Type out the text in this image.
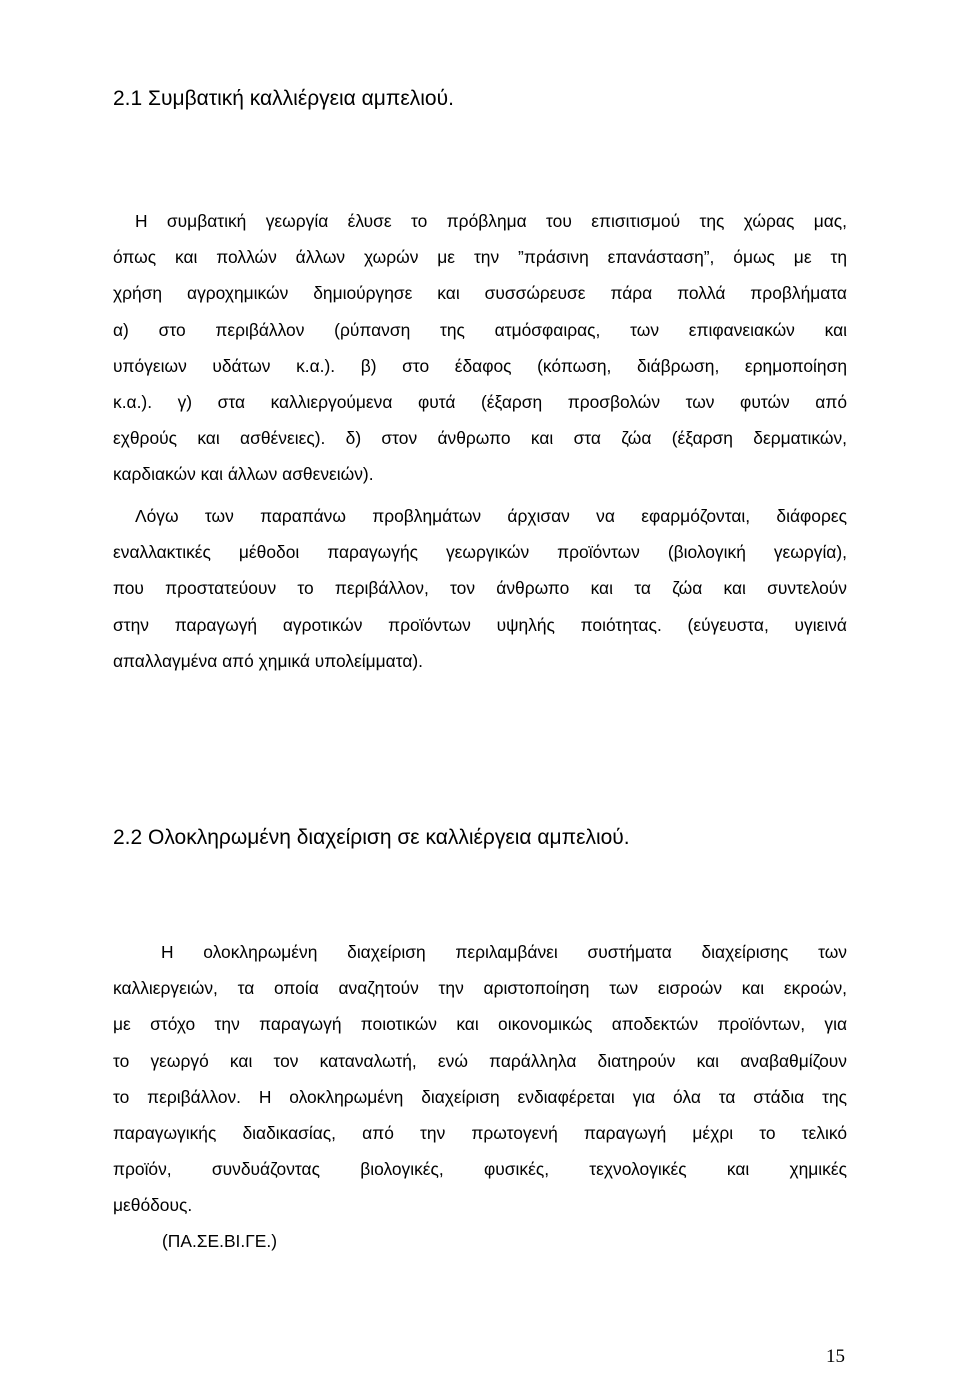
2.1 Συμβατική καλλιέργεια αμπελιού.
Η συμβατική γεωργία έλυσε το πρόβλημα του επισιτισμού της χώρας μας,
όπως και πολλών άλλων χωρών με την ”πράσινη επανάσταση”, όμως με τη
χρήση αγροχημικών δημιούργησε και συσσώρευσε πάρα πολλά προβλήματα
α) στο περιβάλλον (ρύπανση της ατμόσφαιρας, των επιφανειακών και
υπόγειων υδάτων κ.α.). β) στο έδαφος (κόπωση, διάβρωση, ερημοποίηση
κ.α.). γ) στα καλλιεργούμενα φυτά (έξαρση προσβολών των φυτών από
εχθρούς και ασθένειες). δ) στον άνθρωπο και στα ζώα (έξαρση δερματικών,
καρδιακών και άλλων ασθενειών).
Λόγω των παραπάνω προβλημάτων άρχισαν να εφαρμόζονται, διάφορες
εναλλακτικές μέθοδοι παραγωγής γεωργικών προϊόντων (βιολογική γεωργία),
που προστατεύουν το περιβάλλον, τον άνθρωπο και τα ζώα και συντελούν
στην παραγωγή αγροτικών προϊόντων υψηλής ποιότητας. (εύγευστα, υγιεινά
απαλλαγμένα από χημικά υπολείμματα).
2.2 Ολοκληρωμένη διαχείριση σε καλλιέργεια αμπελιού.
Η ολοκληρωμένη διαχείριση περιλαμβάνει συστήματα διαχείρισης των
καλλιεργειών, τα οποία αναζητούν την αριστοποίηση των εισροών και εκροών,
με στόχο την παραγωγή ποιοτικών και οικονομικώς αποδεκτών προϊόντων, για
το γεωργό και τον καταναλωτή, ενώ παράλληλα διατηρούν και αναβαθμίζουν
το περιβάλλον. Η ολοκληρωμένη διαχείριση ενδιαφέρεται για όλα τα στάδια της
παραγωγικής διαδικασίας, από την πρωτογενή παραγωγή μέχρι το τελικό
προϊόν, συνδυάζοντας βιολογικές, φυσικές, τεχνολογικές και χημικές
μεθόδους.

(ΠΑ.ΣΕ.ΒΙ.ΓΕ.)

15
